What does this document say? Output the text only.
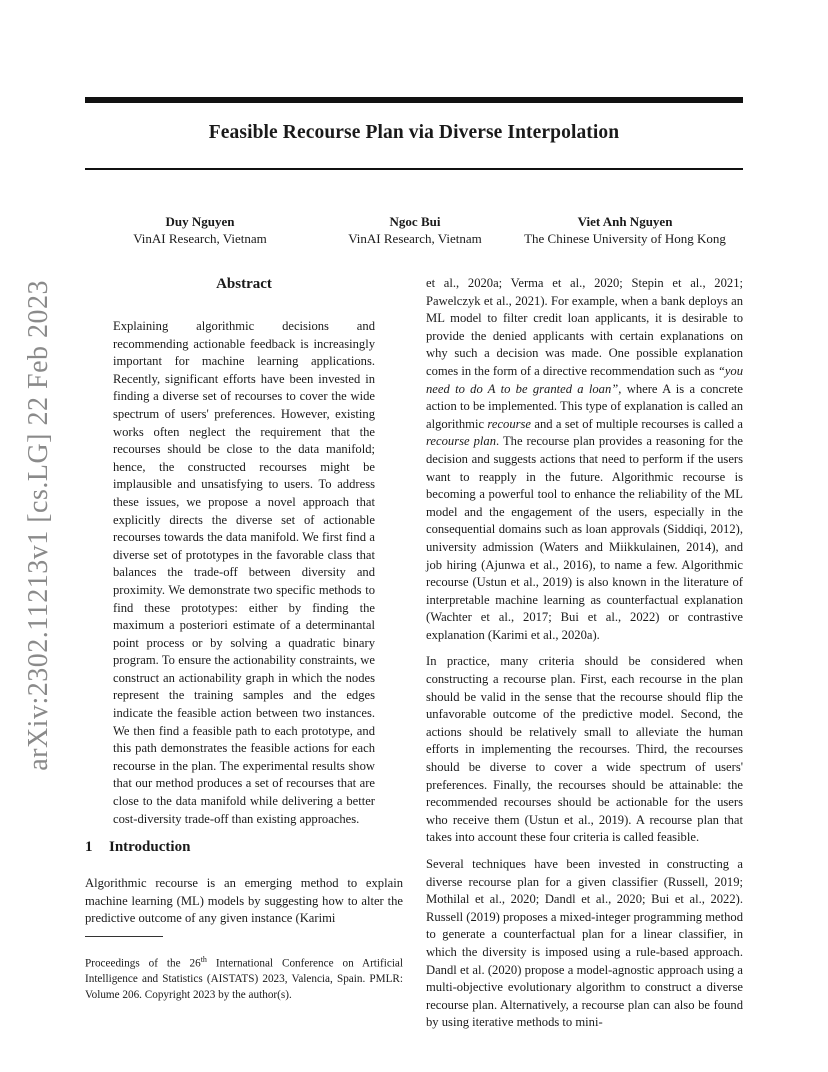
Feasible Recourse Plan via Diverse Interpolation
Duy Nguyen
VinAI Research, Vietnam
Ngoc Bui
VinAI Research, Vietnam
Viet Anh Nguyen
The Chinese University of Hong Kong
arXiv:2302.11213v1 [cs.LG] 22 Feb 2023	Abstract
Explaining algorithmic decisions and recommending actionable feedback is increasingly important for machine learning applications. Recently, significant efforts have been invested in finding a diverse set of recourses to cover the wide spectrum of users' preferences. However, existing works often neglect the requirement that the recourses should be close to the data manifold; hence, the constructed recourses might be implausible and unsatisfying to users. To address these issues, we propose a novel approach that explicitly directs the diverse set of actionable recourses towards the data manifold. We first find a diverse set of prototypes in the favorable class that balances the trade-off between diversity and proximity. We demonstrate two specific methods to find these prototypes: either by finding the maximum a posteriori estimate of a determinantal point process or by solving a quadratic binary program. To ensure the actionability constraints, we construct an actionability graph in which the nodes represent the training samples and the edges indicate the feasible action between two instances. We then find a feasible path to each prototype, and this path demonstrates the feasible actions for each recourse in the plan. The experimental results show that our method produces a set of recourses that are close to the data manifold while delivering a better cost-diversity trade-off than existing approaches.
1 Introduction
Algorithmic recourse is an emerging method to explain machine learning (ML) models by suggesting how to alter the predictive outcome of any given instance (Karimi
Proceedings of the 26th International Conference on Artificial Intelligence and Statistics (AISTATS) 2023, Valencia, Spain. PMLR: Volume 206. Copyright 2023 by the author(s).

et al., 2020a; Verma et al., 2020; Stepin et al., 2021; Pawelczyk et al., 2021). For example, when a bank deploys an ML model to filter credit loan applicants, it is desirable to provide the denied applicants with certain explanations on why such a decision was made. One possible explanation comes in the form of a directive recommendation such as “you need to do A to be granted a loan”, where A is a concrete action to be implemented. This type of explanation is called an algorithmic recourse and a set of multiple recourses is called a recourse plan. The recourse plan provides a reasoning for the decision and suggests actions that need to perform if the users want to reapply in the future. Algorithmic recourse is becoming a powerful tool to enhance the reliability of the ML model and the engagement of the users, especially in the consequential domains such as loan approvals (Siddiqi, 2012), university admission (Waters and Miikkulainen, 2014), and job hiring (Ajunwa et al., 2016), to name a few. Algorithmic recourse (Ustun et al., 2019) is also known in the literature of interpretable machine learning as counterfactual explanation (Wachter et al., 2017; Bui et al., 2022) or contrastive explanation (Karimi et al., 2020a).

In practice, many criteria should be considered when constructing a recourse plan. First, each recourse in the plan should be valid in the sense that the recourse should flip the unfavorable outcome of the predictive model. Second, the actions should be relatively small to alleviate the human efforts in implementing the recourses. Third, the recourses should be diverse to cover a wide spectrum of users' preferences. Finally, the recourses should be attainable: the recommended recourses should be actionable for the users who receive them (Ustun et al., 2019). A recourse plan that takes into account these four criteria is called feasible.

Several techniques have been invested in constructing a diverse recourse plan for a given classifier (Russell, 2019; Mothilal et al., 2020; Dandl et al., 2020; Bui et al., 2022). Russell (2019) proposes a mixed-integer programming method to generate a counterfactual plan for a linear classifier, in which the diversity is imposed using a rule-based approach. Dandl et al. (2020) propose a model-agnostic approach using a multi-objective evolutionary algorithm to construct a diverse recourse plan. Alternatively, a recourse plan can also be found by using iterative methods to mini-
